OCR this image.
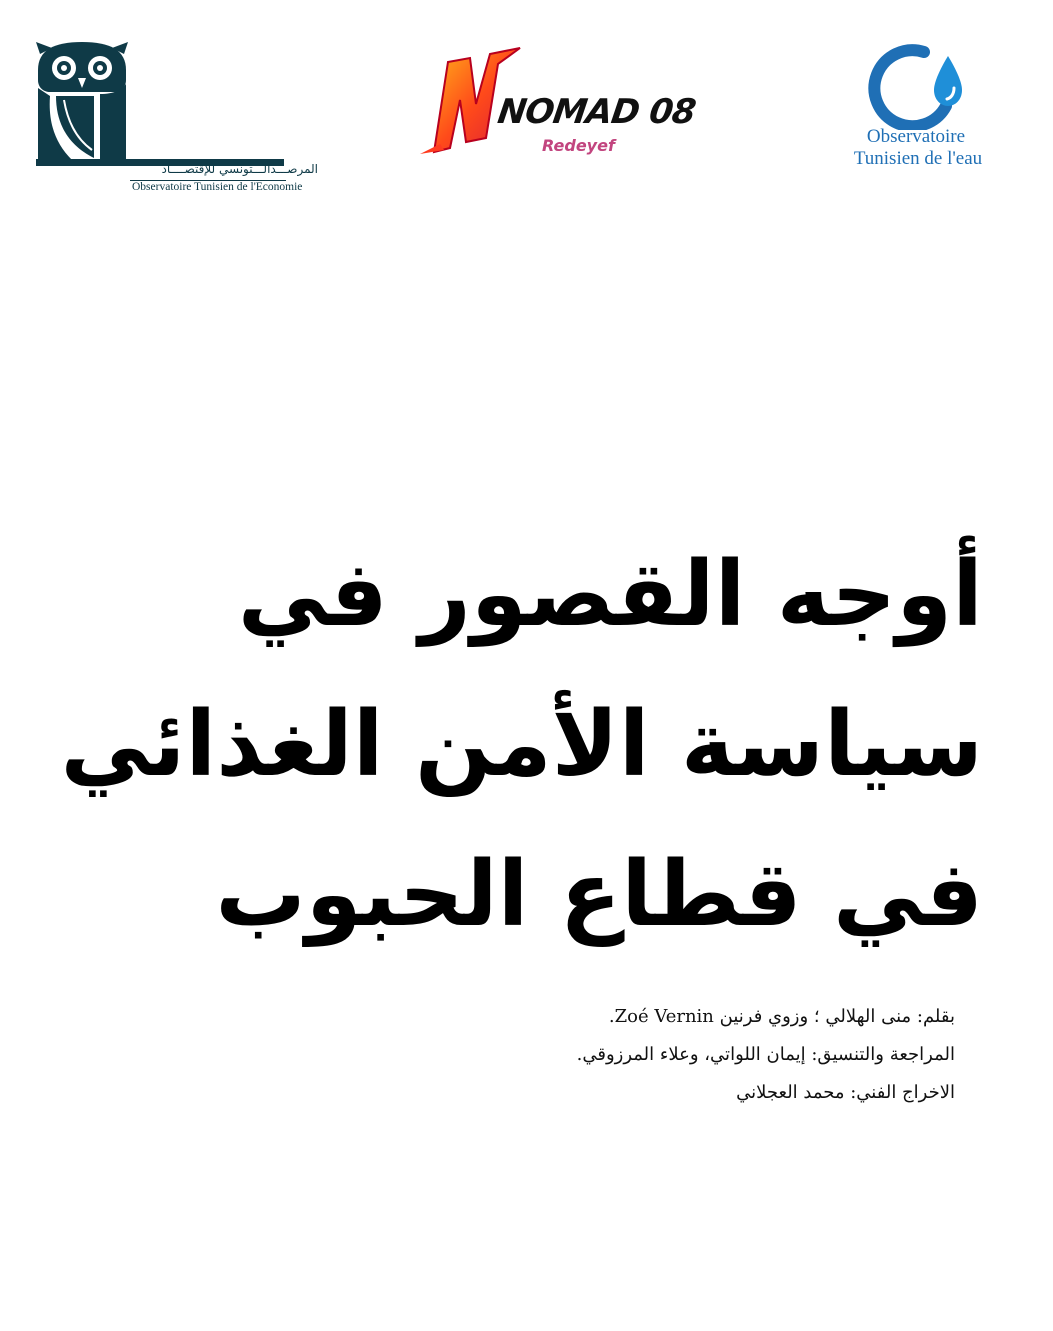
المرصـــدالـــتونسي للإقتصــــاد
Observatoire Tunisien de l'Economie
NOMAD 08
Redeyef	Observatoire
Tunisien de l'eau
أوجه القصور في
سياسة الأمن الغذائي
في قطاع الحبوب
بقلم: منى الهلالي ؛ وزوي فرنين Zoé Vernin.
المراجعة والتنسيق: إيمان اللواتي، وعلاء المرزوقي.
الاخراج الفني: محمد العجلاني
